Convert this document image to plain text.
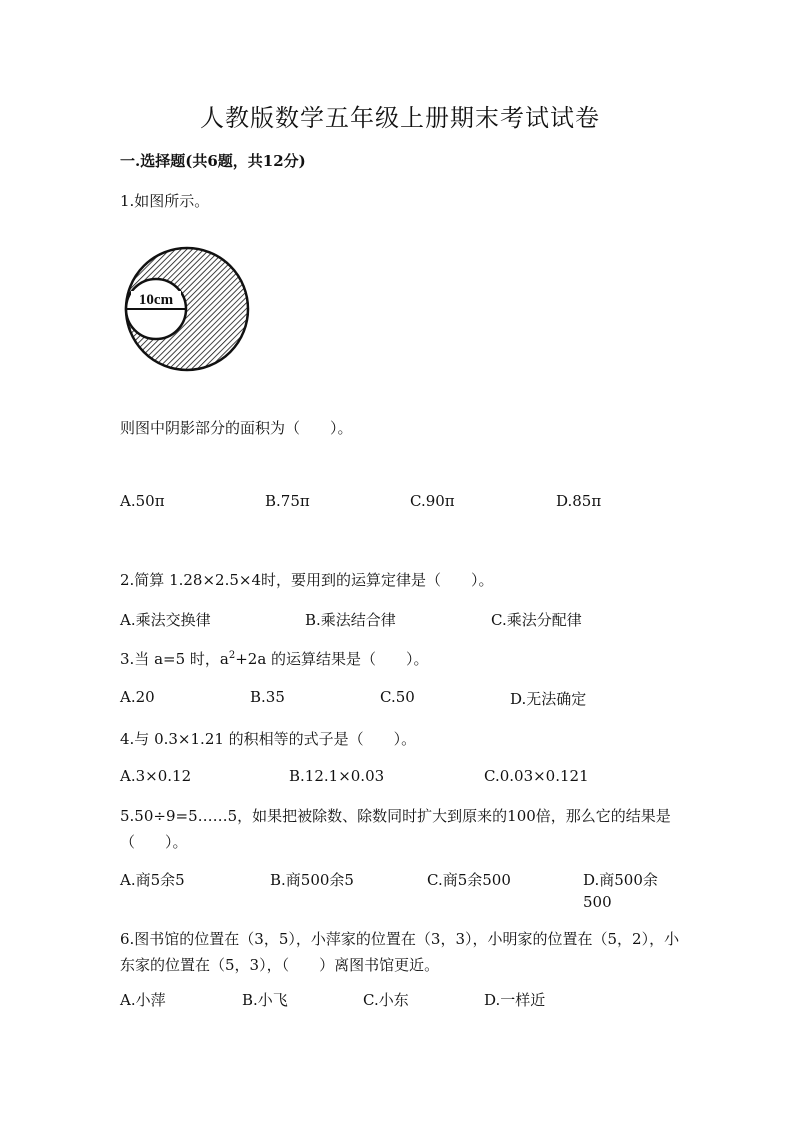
人教版数学五年级上册期末考试试卷
一.选择题(共6题，共12分)
1.如图所示。
10cm
则图中阴影部分的面积为（　　）。
A.50π	B.75π	C.90π	D.85π
2.简算 1.28×2.5×4时，要用到的运算定律是（　　）。
A.乘法交换律	B.乘法结合律	C.乘法分配律
3.当 a=5 时，$a^2+2a$ 的运算结果是（　　）。
A.20	B.35	C.50	D.无法确定
4.与 0.3×1.21 的积相等的式子是（　　）。
A.3×0.12	B.12.1×0.03	C.0.03×0.121
5.50÷9=5……5，如果把被除数、除数同时扩大到原来的100倍，那么它的结果是（　　）。
A.商5余5	B.商500余5	C.商5余500	D.商500余500
6.图书馆的位置在（3，5），小萍家的位置在（3，3），小明家的位置在（5，2），小东家的位置在（5，3），（　　）离图书馆更近。
A.小萍	B.小飞	C.小东	D.一样近
